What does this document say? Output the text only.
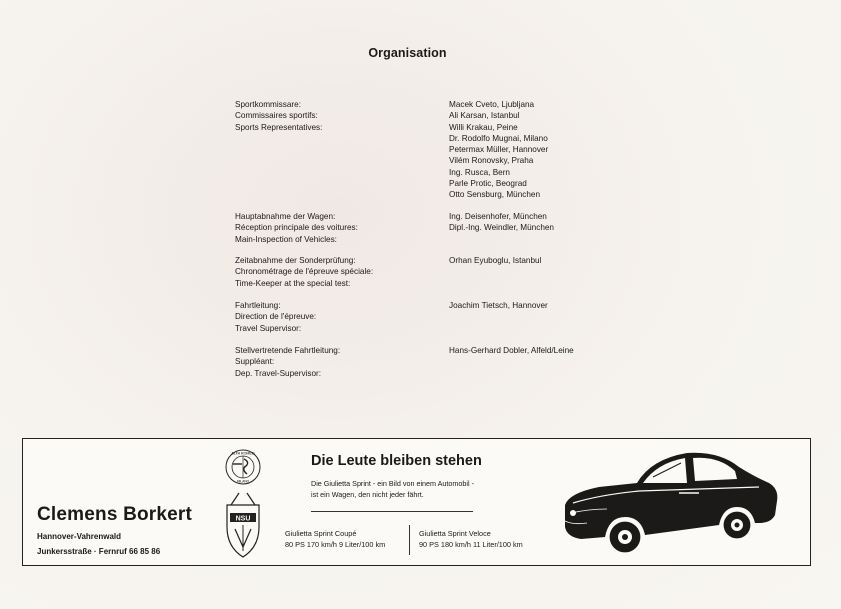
Organisation
Sportkommissare:
Commissaires sportifs:
Sports Representatives:
Macek Cveto, Ljubljana
Ali Karsan, Istanbul
Willi Krakau, Peine
Dr. Rodolfo Mugnai, Milano
Petermax Müller, Hannover
Vilém Ronovsky, Praha
Ing. Rusca, Bern
Parle Protic, Beograd
Otto Sensburg, München
Hauptabnahme der Wagen:
Réception principale des voitures:
Main-Inspection of Vehicles:
Ing. Deisenhofer, München
Dipl.-Ing. Weindler, München
Zeitabnahme der Sonderprüfung:
Chronométrage de l'épreuve spéciale:
Time-Keeper at the special test:
Orhan Eyuboglu, Istanbul
Fahrtleitung:
Direction de l'épreuve:
Travel Supervisor:
Joachim Tietsch, Hannover
Stellvertretende Fahrtleitung:
Suppléant:
Dep. Travel-Supervisor:
Hans-Gerhard Dobler, Alfeld/Leine
Clemens Borkert
Hannover-Vahrenwald
Junkersstraße · Fernruf 66 85 86
ALFA ROMEO
MILANO
NSU
Die Leute bleiben stehen
Die Giulietta Sprint - ein Bild von einem Automobil -
ist ein Wagen, den nicht jeder fährt.
Giulietta Sprint Coupé
80 PS 170 km/h 9 Liter/100 km
Giulietta Sprint Veloce
90 PS 180 km/h 11 Liter/100 km
